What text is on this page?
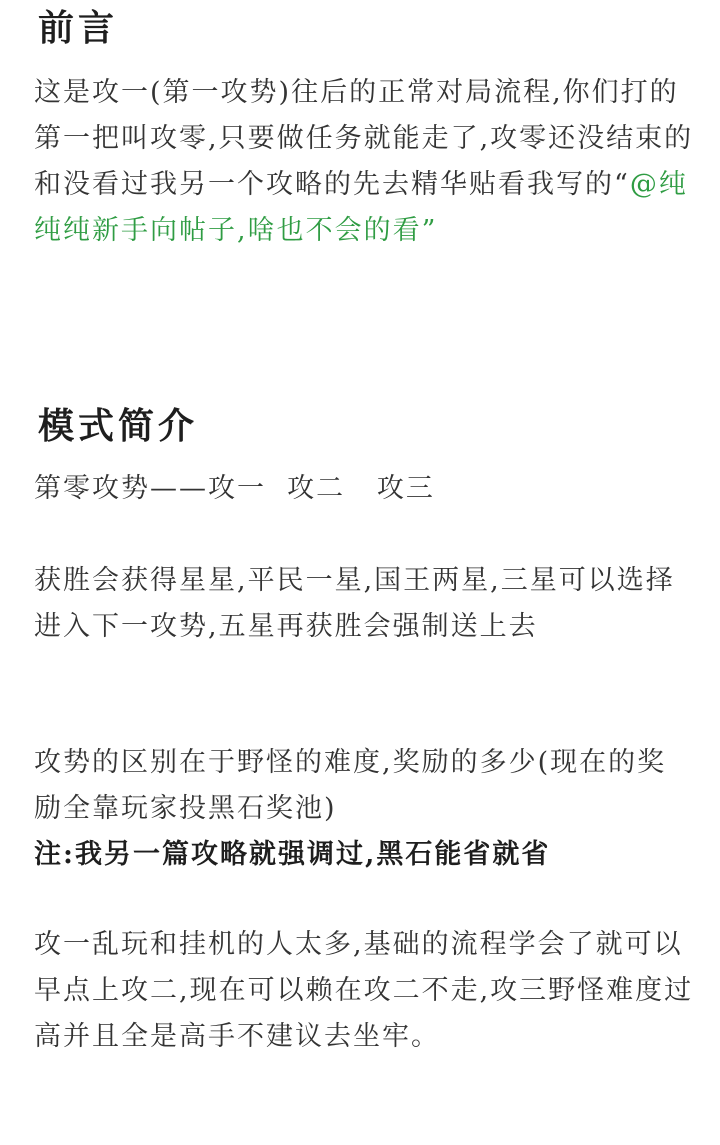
前言

这是攻一(第一攻势)往后的正常对局流程,你们打的第一把叫攻零,只要做任务就能走了,攻零还没结束的和没看过我另一个攻略的先去精华贴看我写的“@纯纯纯新手向帖子,啥也不会的看”

模式简介

第零攻势——攻一  攻二   攻三

获胜会获得星星,平民一星,国王两星,三星可以选择进入下一攻势,五星再获胜会强制送上去

攻势的区别在于野怪的难度,奖励的多少(现在的奖励全靠玩家投黑石奖池)

注:我另一篇攻略就强调过,黑石能省就省

攻一乱玩和挂机的人太多,基础的流程学会了就可以早点上攻二,现在可以赖在攻二不走,攻三野怪难度过高并且全是高手不建议去坐牢。
